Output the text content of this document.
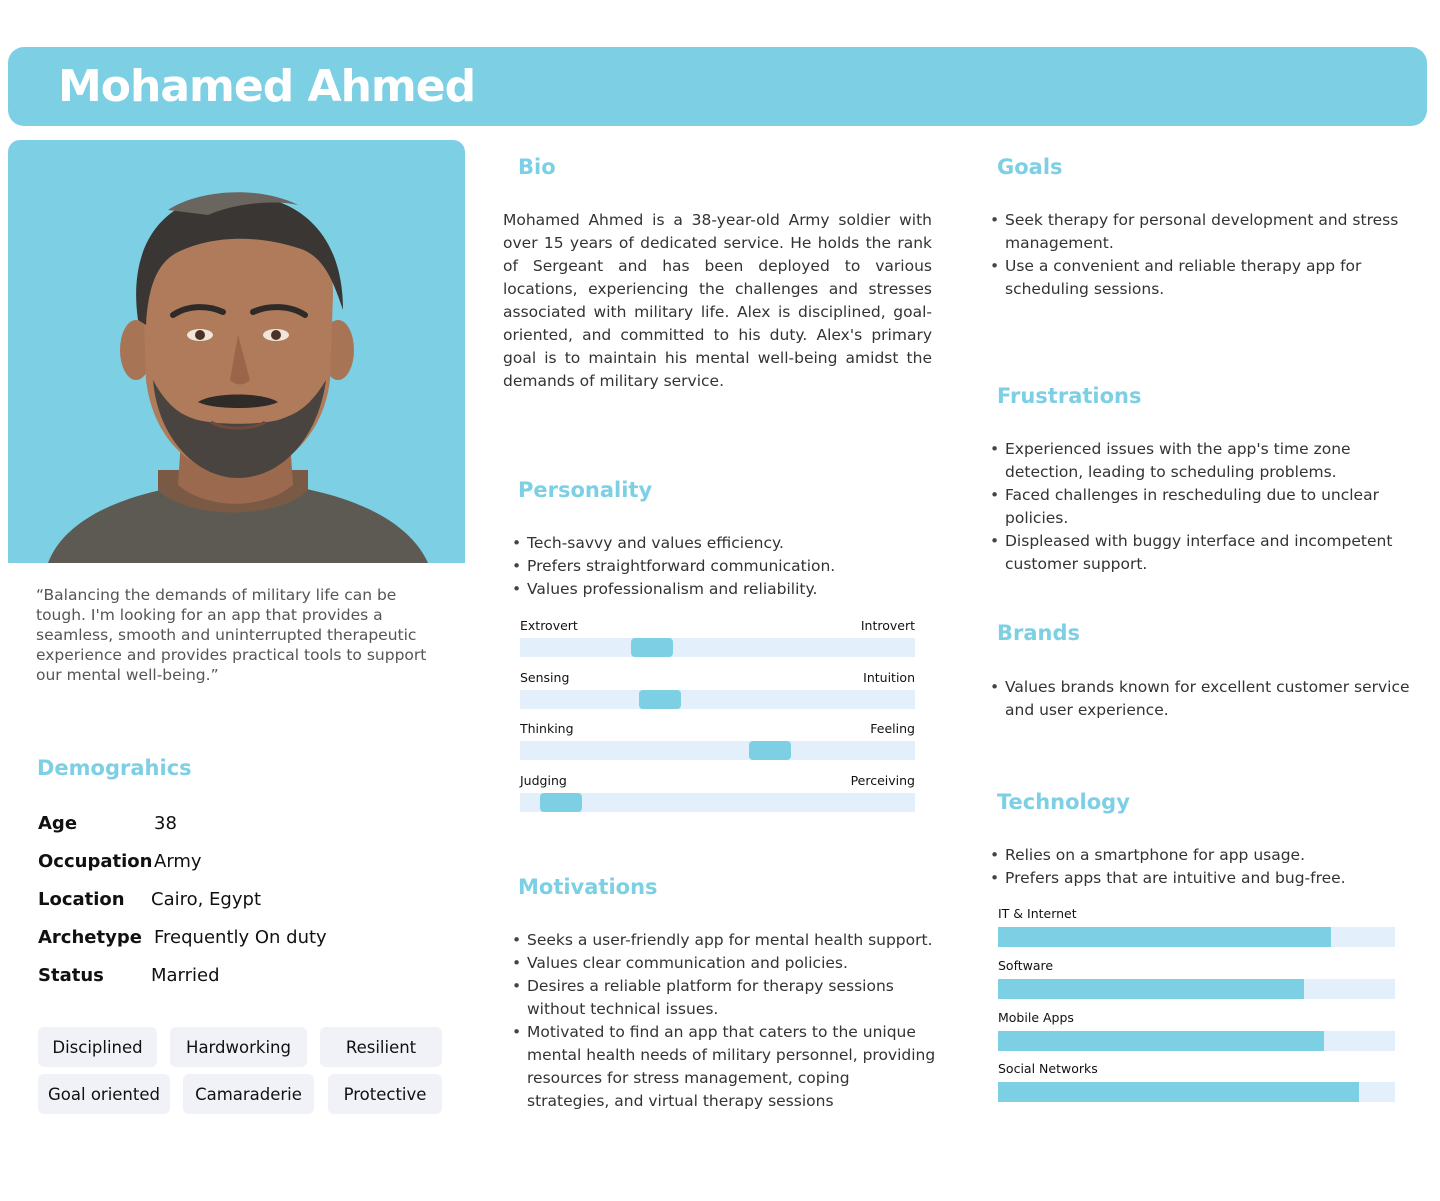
Mohamed Ahmed
“Balancing the demands of military life can be tough. I'm looking for an app that provides a seamless, smooth and uninterrupted therapeutic experience and provides practical tools to support our mental well-being.”
Demograhics
Age	38
Occupation Army
Location Cairo, Egypt
Archetype Frequently On duty
Status	Married
Disciplined	Hardworking	Resilient
Goal oriented	Camaraderie	Protective
Bio
Mohamed Ahmed is a 38-year-old Army soldier with over 15 years of dedicated service. He holds the rank of Sergeant and has been deployed to various locations, experiencing the challenges and stresses associated with military life. Alex is disciplined, goal-oriented, and committed to his duty. Alex's primary goal is to maintain his mental well-being amidst the demands of military service.
Personality
• Tech-savvy and values efficiency.
• Prefers straightforward communication.
• Values professionalism and reliability.
Extrovert	Introvert
Sensing	Intuition
Thinking	Feeling
Judging	Perceiving
Motivations
• Seeks a user-friendly app for mental health support.
• Values clear communication and policies.
• Desires a reliable platform for therapy sessions without technical issues.
• Motivated to find an app that caters to the unique mental health needs of military personnel, providing resources for stress management, coping strategies, and virtual therapy sessions
Goals
• Seek therapy for personal development and stress management.
• Use a convenient and reliable therapy app for scheduling sessions.
Frustrations
• Experienced issues with the app's time zone detection, leading to scheduling problems.
• Faced challenges in rescheduling due to unclear policies.
• Displeased with buggy interface and incompetent customer support.
Brands
• Values brands known for excellent customer service and user experience.
Technology
• Relies on a smartphone for app usage.
• Prefers apps that are intuitive and bug-free.
IT & Internet
Software
Mobile Apps
Social Networks
